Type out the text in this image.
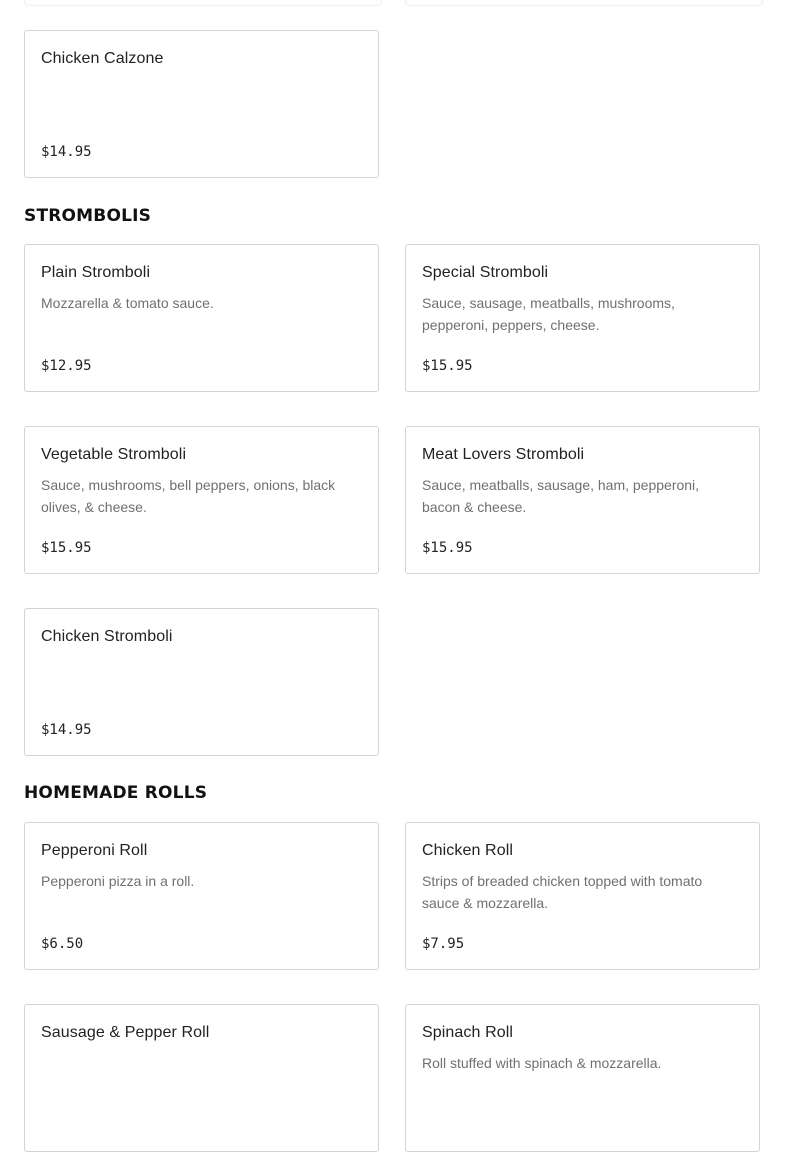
Chicken Calzone
$14.95
STROMBOLIS
Plain Stromboli
Mozzarella & tomato sauce.
$12.95
Special Stromboli
Sauce, sausage, meatballs, mushrooms, pepperoni, peppers, cheese.
$15.95
Vegetable Stromboli
Sauce, mushrooms, bell peppers, onions, black olives, & cheese.
$15.95
Meat Lovers Stromboli
Sauce, meatballs, sausage, ham, pepperoni, bacon & cheese.
$15.95
Chicken Stromboli
$14.95
HOMEMADE ROLLS
Pepperoni Roll
Pepperoni pizza in a roll.
$6.50
Chicken Roll
Strips of breaded chicken topped with tomato sauce & mozzarella.
$7.95
Sausage & Pepper Roll	Spinach Roll
Roll stuffed with spinach & mozzarella.
